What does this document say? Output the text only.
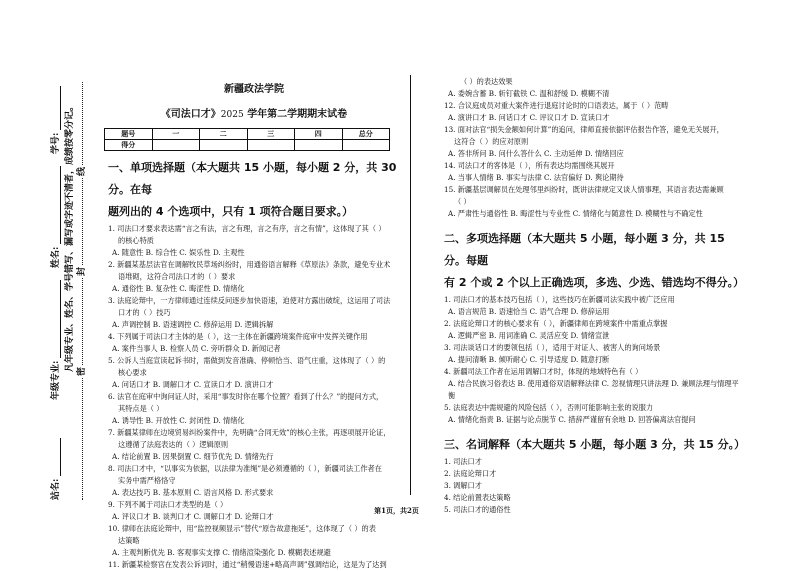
站名:
年级专业:
姓名:
学号: 凡年级专业、姓名、学号错写、漏写或字迹不清者，成绩按零分记。 密
封
线
新疆政法学院
《司法口才》2025 学年第二学期期末试卷
题号	一	二	三	四	总分
得分					
一、单项选择题（本大题共 15 小题，每小题 2 分，共 30 分。在每
题列出的 4 个选项中，只有 1 项符合题目要求。）
1. 司法口才要求表达需“言之有法，言之有理，言之有序，言之有情”，这体现了其（ ）
的核心特质
A. 随意性 B. 综合性 C. 娱乐性 D. 主观性
2. 新疆某基层法官在调解牧民草场纠纷时，用通俗语言解释《草原法》条款，避免专业术
语堆砌，这符合司法口才的（ ）要求
A. 通俗性 B. 复杂性 C. 晦涩性 D. 情绪化
3. 法庭论辩中，一方律师通过连续反问逐步加快语速，迫使对方露出破绽，这运用了司法
口才的（ ）技巧
A. 声调控制 B. 语速调控 C. 修辞运用 D. 逻辑拆解
4. 下列属于司法口才主体的是（ ），这一主体在新疆跨境案件庭审中发挥关键作用
A. 案件当事人 B. 检察人员 C. 旁听群众 D. 新闻记者
5. 公诉人当庭宣读起诉书时，需做到发音准确、停顿恰当、语气庄重，这体现了（ ）的
核心要求
A. 问话口才 B. 调解口才 C. 宣读口才 D. 演讲口才
6. 法官在庭审中询问证人时，采用“事发时你在哪个位置？看到了什么？”的提问方式，
其特点是（ ）
A. 诱导性 B. 开放性 C. 封闭性 D. 情绪化
7. 新疆某律师在边境贸易纠纷案件中，先明确“合同无效”的核心主张，再逐项展开论证，
这遵循了法庭表达的（ ）逻辑原则
A. 结论前置 B. 因果倒置 C. 细节优先 D. 情绪先行
8. 司法口才中，“以事实为依据，以法律为准绳”是必须遵循的（ ），新疆司法工作者在
实务中需严格恪守
A. 表达技巧 B. 基本原则 C. 语言风格 D. 形式要求
9. 下列不属于司法口才类型的是（ ）
A. 评议口才 B. 谈判口才 C. 调解口才 D. 论辩口才
10. 律师在法庭论辩中，用“监控视频显示”替代“原告故意拖延”，这体现了（ ）的表
达策略
A. 主观判断优先 B. 客观事实支撑 C. 情绪渲染强化 D. 模糊表述规避
11. 新疆某检察官在发表公诉词时，通过“稍慢语速+略高声调”强调结论，这是为了达到
（ ）的表达效果
A. 委婉含蓄 B. 斩钉截铁 C. 温和舒缓 D. 模糊不清
12. 合议庭成员对重大案件进行退庭讨论时的口语表达，属于（ ）范畴
A. 演讲口才 B. 问话口才 C. 评议口才 D. 宣读口才
13. 面对法官“损失金额如何计算”的追问，律师直接依据评估报告作答，避免无关展开，
这符合（ ）的应对原则
A. 答非所问 B. 问什么答什么 C. 主动延伸 D. 情绪回应
14. 司法口才的客体是（ ），所有表达均需围绕其展开
A. 当事人情绪 B. 事实与法律 C. 法官偏好 D. 舆论期待
15. 新疆基层调解员在处理邻里纠纷时，既讲法律规定又谈人情事理，其语言表达需兼顾
（ ）
A. 严肃性与通俗性 B. 晦涩性与专业性 C. 情绪化与随意性 D. 模糊性与不确定性
二、多项选择题（本大题共 5 小题，每小题 3 分，共 15 分。每题
有 2 个或 2 个以上正确选项，多选、少选、错选均不得分。）
1. 司法口才的基本技巧包括（ ），这些技巧在新疆司法实践中被广泛应用
A. 语言规范 B. 语速恰当 C. 语气合理 D. 修辞运用
2. 法庭论辩口才的核心要求有（ ），新疆律师在跨境案件中需重点掌握
A. 逻辑严密 B. 用词准确 C. 灵活应变 D. 情绪宣泄
3. 司法谈话口才的要领包括（ ），适用于对证人、被害人的询问场景
A. 提问清晰 B. 倾听耐心 C. 引导适度 D. 随意打断
4. 新疆司法工作者在运用调解口才时，体现的地域特色有（ ）
A. 结合民族习俗表达 B. 使用通俗双语解释法律 C. 忽视情理只讲法理 D. 兼顾法理与情理平衡
5. 法庭表达中需规避的风险包括（ ），否则可能影响主张的说服力
A. 情绪化指责 B. 证据与论点脱节 C. 措辞严谨留有余地 D. 回答偏离法官提问
三、名词解释（本大题共 5 小题，每小题 3 分，共 15 分。）
1. 司法口才
2. 法庭论辩口才
3. 调解口才
4. 结论前置表达策略
5. 司法口才的通俗性
第1页，共2页
